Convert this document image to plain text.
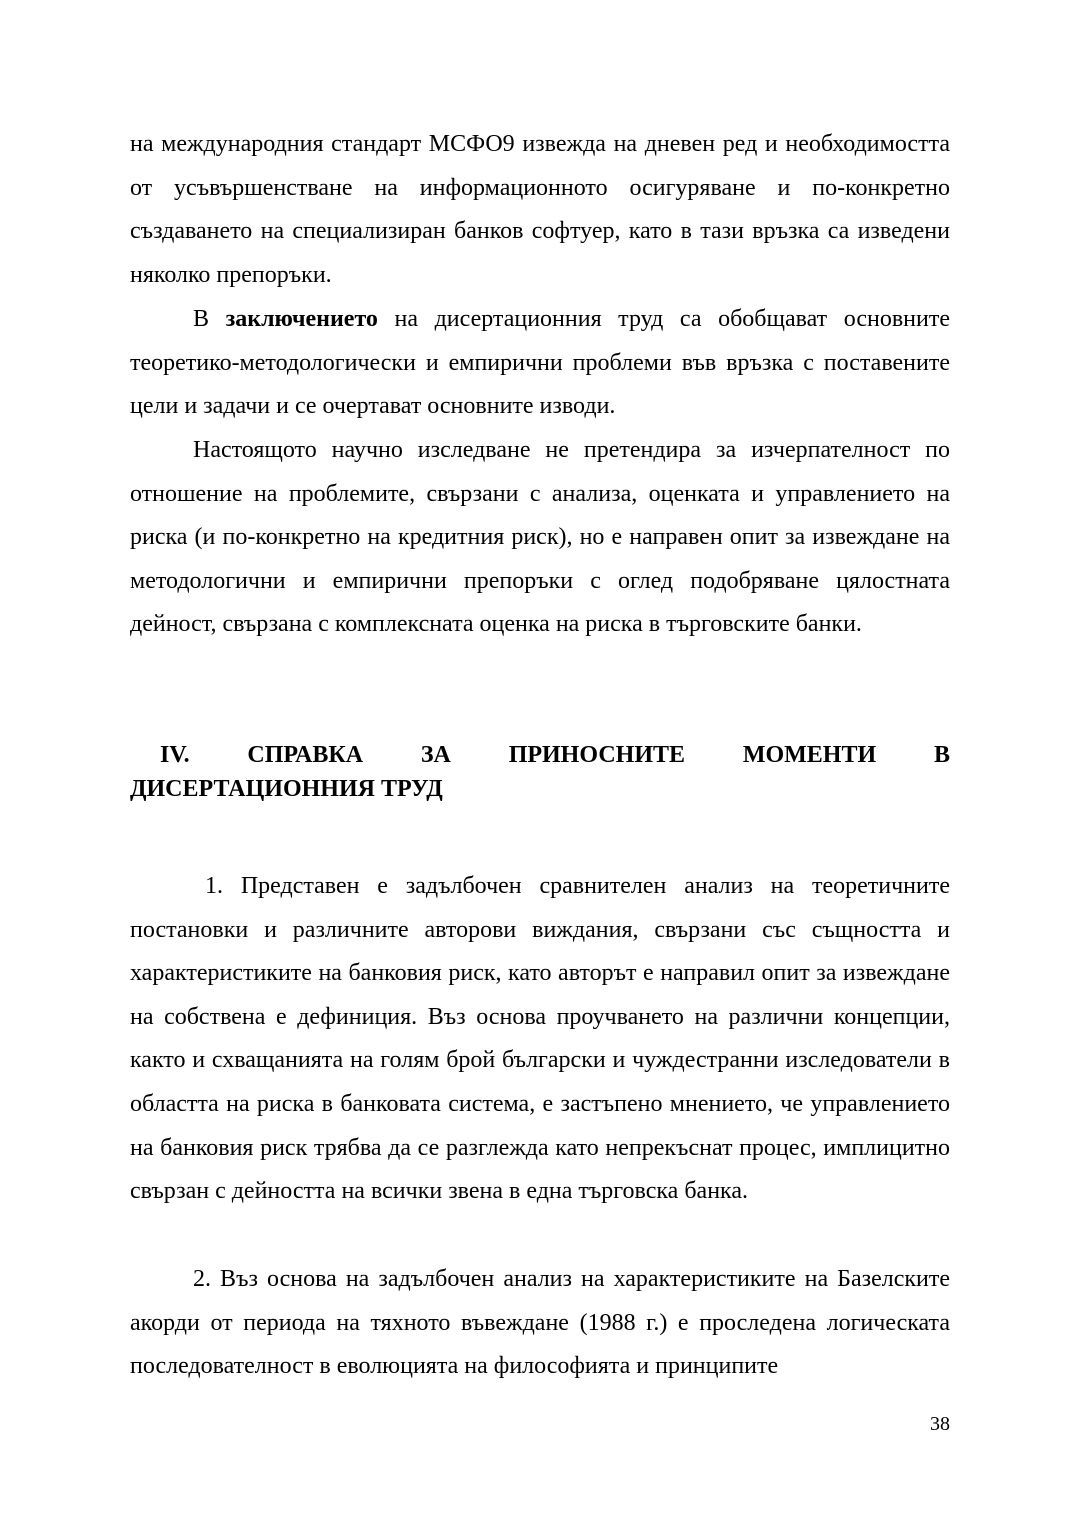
на международния стандарт МСФО9 извежда на дневен ред и необходимостта от усъвършенстване на информационното осигуряване и по-конкретно създаването на специализиран банков софтуер, като в тази връзка са изведени няколко препоръки.

В заключението на дисертационния труд са обобщават основните теоретико-методологически и емпирични проблеми във връзка с поставените цели и задачи и се очертават основните изводи.

Настоящото научно изследване не претендира за изчерпателност по отношение на проблемите, свързани с анализа, оценката и управлението на риска (и по-конкретно на кредитния риск), но е направен опит за извеждане на методологични и емпирични препоръки с оглед подобряване цялостната дейност, свързана с комплексната оценка на риска в търговските банки.

IV. СПРАВКА ЗА ПРИНОСНИТЕ МОМЕНТИ В
ДИСЕРТАЦИОННИЯ ТРУД

1. Представен е задълбочен сравнителен анализ на теоретичните постановки и различните авторови виждания, свързани със същността и характеристиките на банковия риск, като авторът е направил опит за извеждане на собствена е дефиниция. Въз основа проучването на различни концепции, както и схващанията на голям брой български и чуждестранни изследователи в областта на риска в банковата система, е застъпено мнението, че управлението на банковия риск трябва да се разглежда като непрекъснат процес, имплицитно свързан с дейността на всички звена в една търговска банка.

2. Въз основа на задълбочен анализ на характеристиките на Базелските акорди от периода на тяхното въвеждане (1988 г.) е проследена логическата последователност в еволюцията на философията и принципите

38
